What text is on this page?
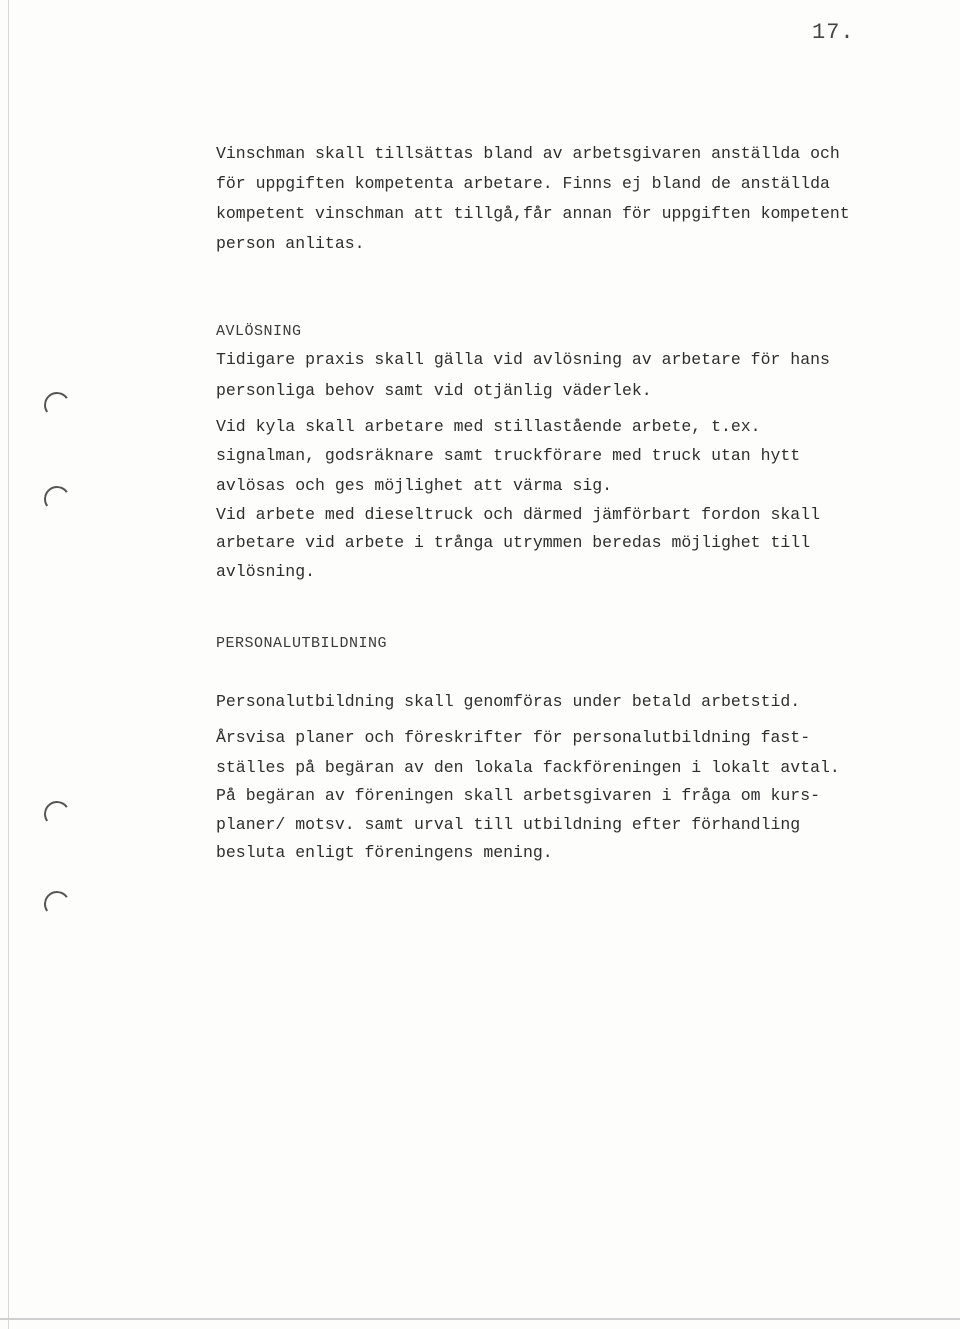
17.
Vinschman skall tillsättas bland av arbetsgivaren anställda och
för uppgiften kompetenta arbetare. Finns ej bland de anställda
kompetent vinschman att tillgå,får annan för uppgiften kompetent
person anlitas.
AVLÖSNING
Tidigare praxis skall gälla vid avlösning av arbetare för hans
personliga behov samt vid otjänlig väderlek.
Vid kyla skall arbetare med stillastående arbete, t.ex.
signalman, godsräknare samt truckförare med truck utan hytt
avlösas och ges möjlighet att värma sig.
Vid arbete med dieseltruck och därmed jämförbart fordon skall
arbetare vid arbete i trånga utrymmen beredas möjlighet till
avlösning.
PERSONALUTBILDNING
Personalutbildning skall genomföras under betald arbetstid.
Årsvisa planer och föreskrifter för personalutbildning fast-
ställes på begäran av den lokala fackföreningen i lokalt avtal.
På begäran av föreningen skall arbetsgivaren i fråga om kurs-
planer/ motsv. samt urval till utbildning efter förhandling
besluta enligt föreningens mening.
